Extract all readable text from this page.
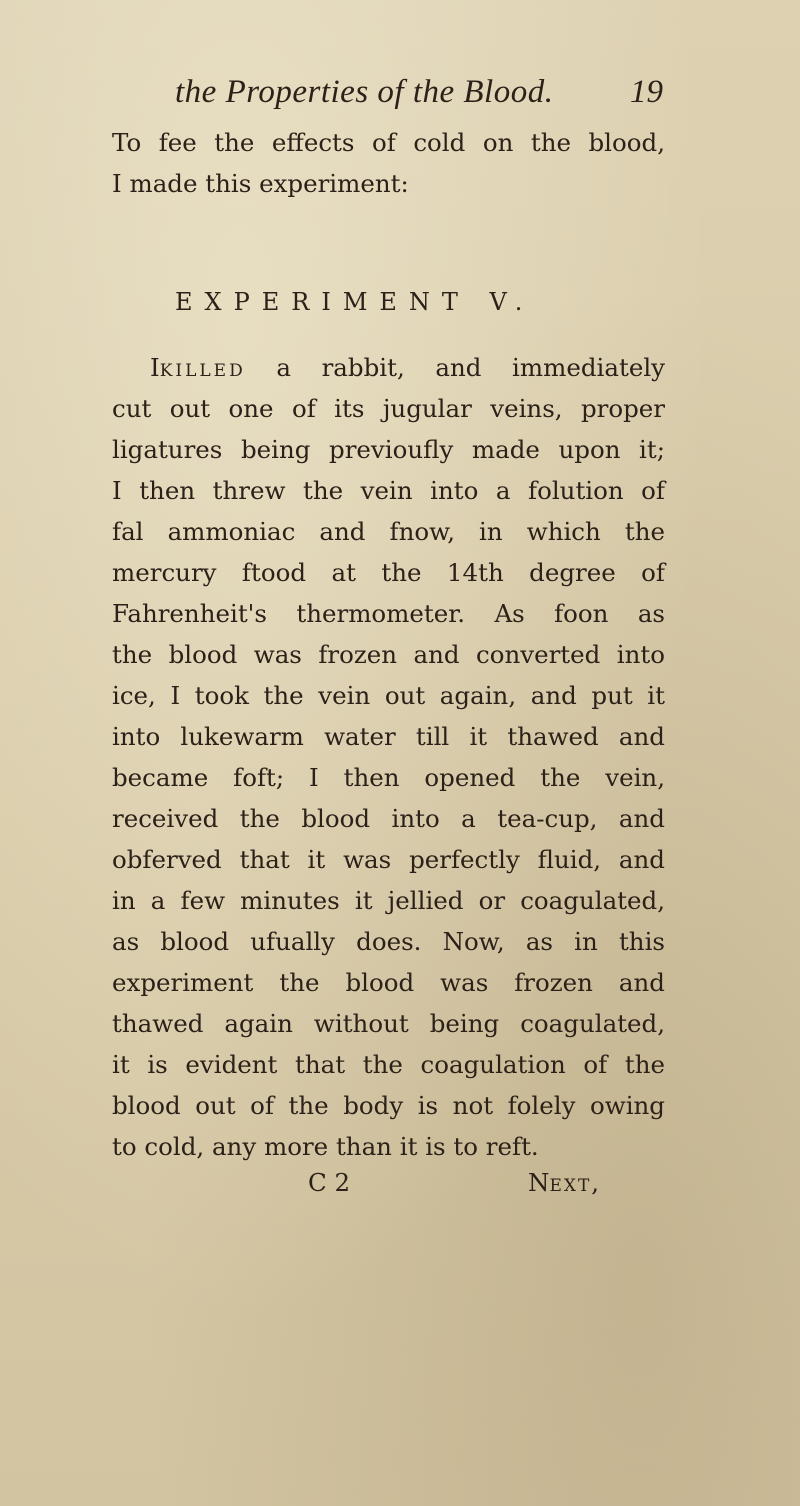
the Properties of the Blood. 19
To fee the effects of cold on the blood,
I made this experiment:
EXPERIMENT V.
Ikilled a rabbit, and immediately
cut out one of its jugular veins, proper
ligatures being previoufly made upon it;
I then threw the vein into a folution of
fal ammoniac and fnow, in which the
mercury ftood at the 14th degree of
Fahrenheit's thermometer. As foon as
the blood was frozen and converted into
ice, I took the vein out again, and put it
into lukewarm water till it thawed and
became foft; I then opened the vein,
received the blood into a tea-cup, and
obferved that it was perfectly fluid, and
in a few minutes it jellied or coagulated,
as blood ufually does. Now, as in this
experiment the blood was frozen and
thawed again without being coagulated,
it is evident that the coagulation of the
blood out of the body is not folely owing
to cold, any more than it is to reft.
C 2	Next,
